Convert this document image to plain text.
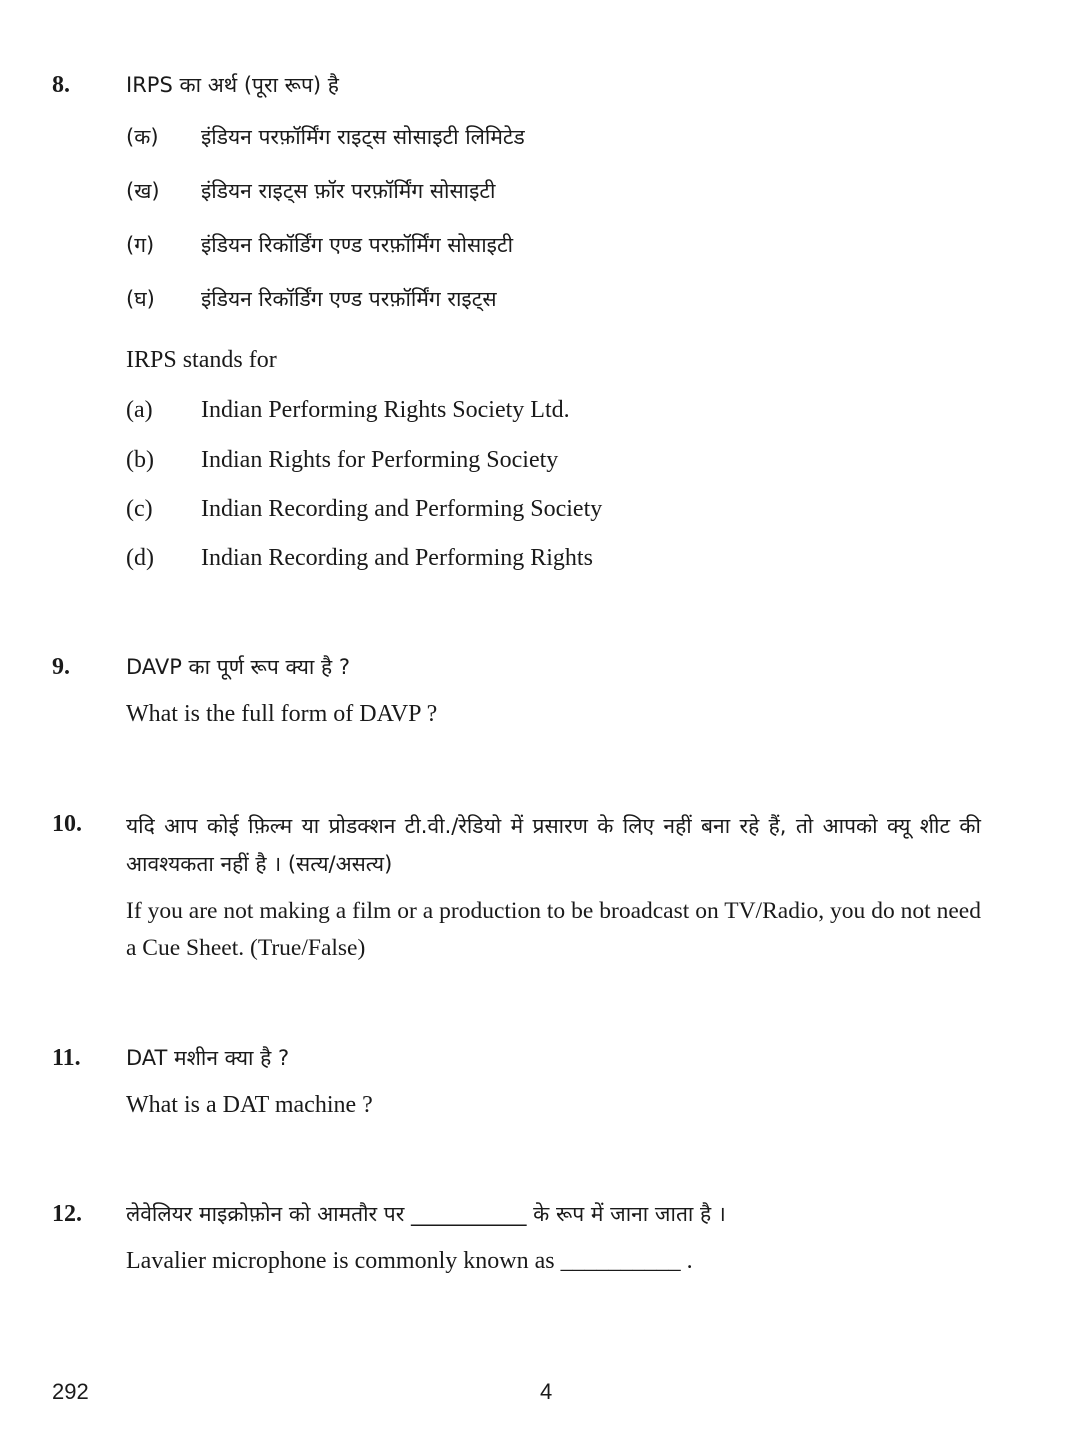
8.	IRPS का अर्थ (पूरा रूप) है
(क) इंडियन परफ़ॉर्मिंग राइट्स सोसाइटी लिमिटेड
(ख) इंडियन राइट्स फ़ॉर परफ़ॉर्मिंग सोसाइटी
(ग) इंडियन रिकॉर्डिंग एण्ड परफ़ॉर्मिंग सोसाइटी
(घ) इंडियन रिकॉर्डिंग एण्ड परफ़ॉर्मिंग राइट्स
IRPS stands for
(a) Indian Performing Rights Society Ltd.
(b) Indian Rights for Performing Society
(c) Indian Recording and Performing Society
(d) Indian Recording and Performing Rights
9.	DAVP का पूर्ण रूप क्या है ?
What is the full form of DAVP ?
10. यदि आप कोई फ़िल्म या प्रोडक्शन टी.वी./रेडियो में प्रसारण के लिए नहीं बना रहे हैं, तो आपको क्यू शीट की आवश्यकता नहीं है । (सत्य/असत्य)
If you are not making a film or a production to be broadcast on TV/Radio, you do not need a Cue Sheet. (True/False)
11. DAT मशीन क्या है ?
What is a DAT machine ?
12. लेवेलियर माइक्रोफ़ोन को आमतौर पर ___________ के रूप में जाना जाता है ।
Lavalier microphone is commonly known as __________ .
292	4
